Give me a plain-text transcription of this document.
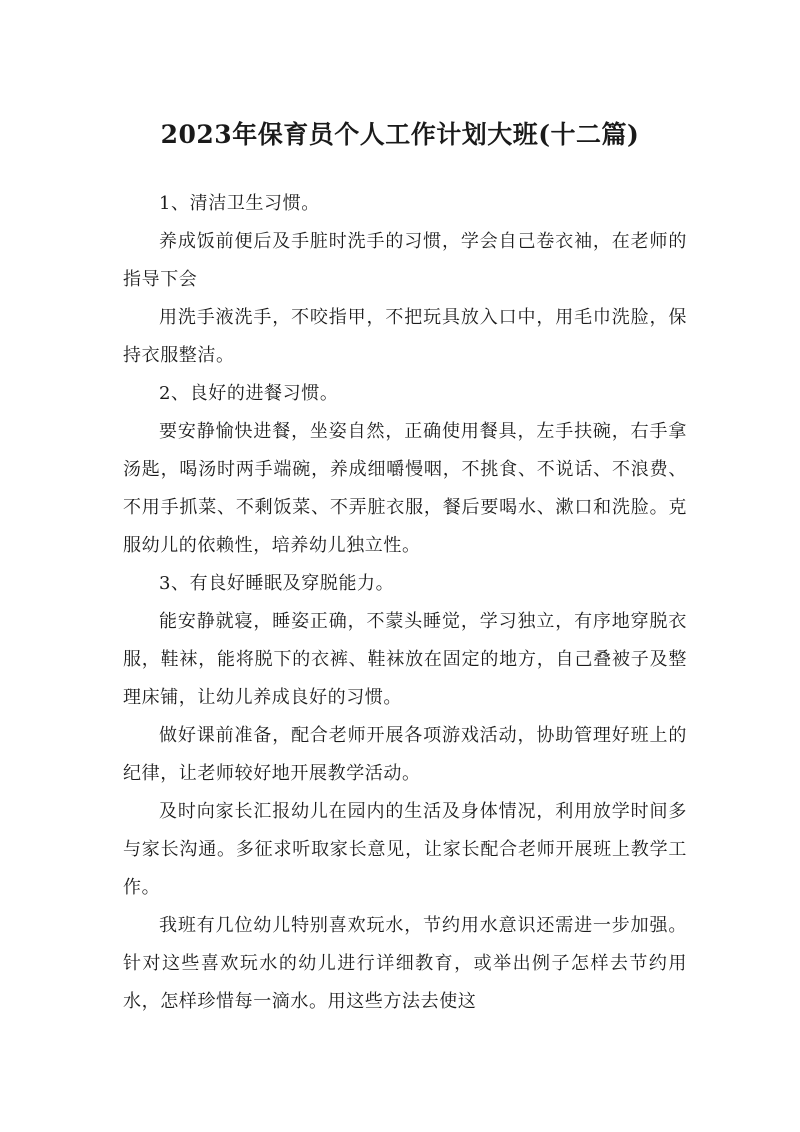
2023年保育员个人工作计划大班(十二篇)

1、清洁卫生习惯。

养成饭前便后及手脏时洗手的习惯，学会自己卷衣袖，在老师的指导下会

用洗手液洗手，不咬指甲，不把玩具放入口中，用毛巾洗脸，保持衣服整洁。

2、良好的进餐习惯。

要安静愉快进餐，坐姿自然，正确使用餐具，左手扶碗，右手拿汤匙，喝汤时两手端碗，养成细嚼慢咽，不挑食、不说话、不浪费、不用手抓菜、不剩饭菜、不弄脏衣服，餐后要喝水、漱口和洗脸。克服幼儿的依赖性，培养幼儿独立性。

3、有良好睡眠及穿脱能力。

能安静就寝，睡姿正确，不蒙头睡觉，学习独立，有序地穿脱衣服，鞋袜，能将脱下的衣裤、鞋袜放在固定的地方，自己叠被子及整理床铺，让幼儿养成良好的习惯。

做好课前准备，配合老师开展各项游戏活动，协助管理好班上的纪律，让老师较好地开展教学活动。

及时向家长汇报幼儿在园内的生活及身体情况，利用放学时间多与家长沟通。多征求听取家长意见，让家长配合老师开展班上教学工作。

我班有几位幼儿特别喜欢玩水，节约用水意识还需进一步加强。针对这些喜欢玩水的幼儿进行详细教育，或举出例子怎样去节约用水，怎样珍惜每一滴水。用这些方法去使这
